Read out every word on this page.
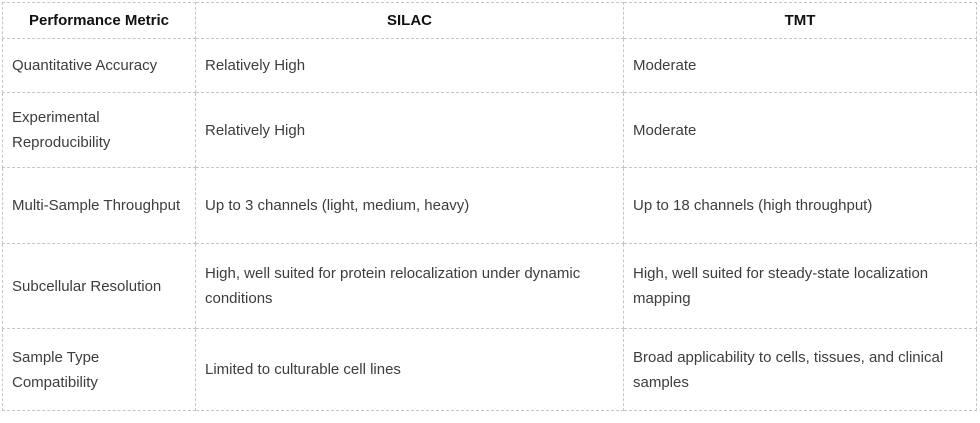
Performance Metric	SILAC	TMT
Quantitative Accuracy	Relatively High	Moderate
Experimental Reproducibility	Relatively High	Moderate
Multi-Sample Throughput	Up to 3 channels (light, medium, heavy)	Up to 18 channels (high throughput)
Subcellular Resolution	High, well suited for protein relocalization under dynamic conditions	High, well suited for steady-state localization mapping
Sample Type Compatibility	Limited to culturable cell lines	Broad applicability to cells, tissues, and clinical samples
